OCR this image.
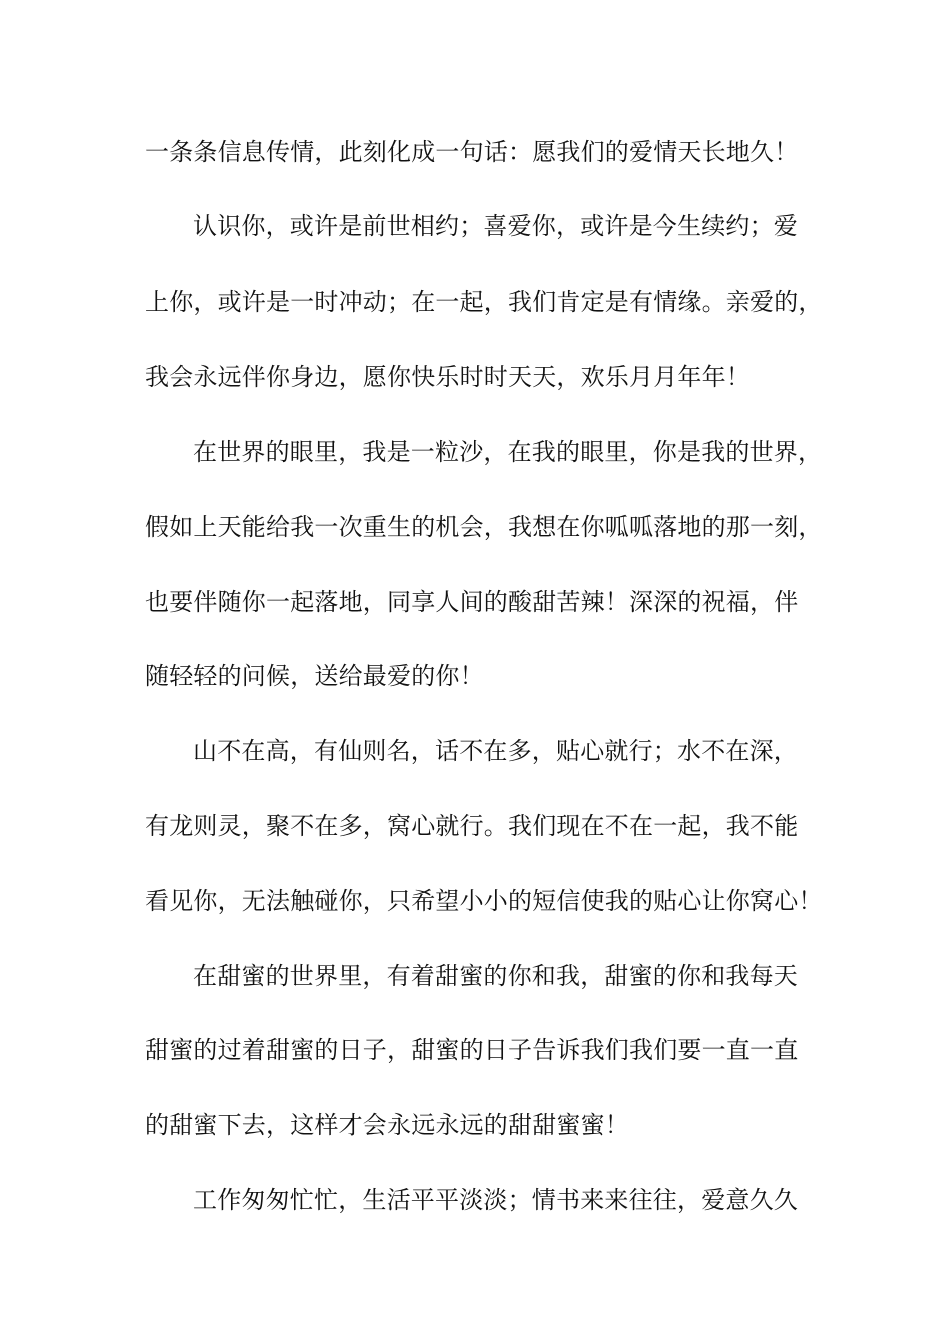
一条条信息传情，此刻化成一句话：愿我们的爱情天长地久！
认识你，或许是前世相约；喜爱你，或许是今生续约；爱
上你，或许是一时冲动；在一起，我们肯定是有情缘。亲爱的，
我会永远伴你身边，愿你快乐时时天天，欢乐月月年年！
在世界的眼里，我是一粒沙，在我的眼里，你是我的世界，
假如上天能给我一次重生的机会，我想在你呱呱落地的那一刻，
也要伴随你一起落地，同享人间的酸甜苦辣！深深的祝福，伴
随轻轻的问候，送给最爱的你！
山不在高，有仙则名，话不在多，贴心就行；水不在深，
有龙则灵，聚不在多，窝心就行。我们现在不在一起，我不能
看见你，无法触碰你，只希望小小的短信使我的贴心让你窝心！
在甜蜜的世界里，有着甜蜜的你和我，甜蜜的你和我每天
甜蜜的过着甜蜜的日子，甜蜜的日子告诉我们我们要一直一直
的甜蜜下去，这样才会永远永远的甜甜蜜蜜！
工作匆匆忙忙，生活平平淡淡；情书来来往往，爱意久久
